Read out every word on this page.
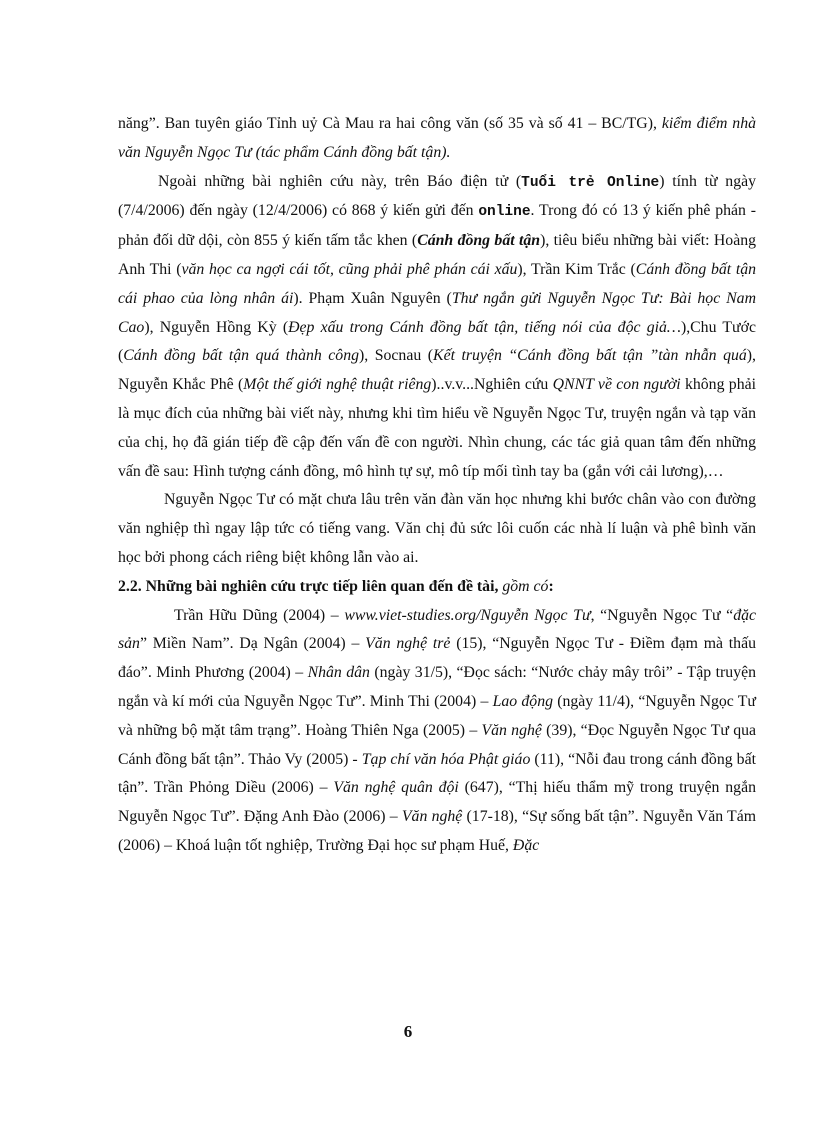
năng”. Ban tuyên giáo Tỉnh uỷ Cà Mau ra hai công văn (số 35 và số 41 – BC/TG), kiểm điểm nhà văn Nguyễn Ngọc Tư (tác phẩm Cánh đồng bất tận).

Ngoài những bài nghiên cứu này, trên Báo điện tử (Tuổi trẻ Online) tính từ ngày (7/4/2006) đến ngày (12/4/2006) có 868 ý kiến gửi đến online. Trong đó có 13 ý kiến phê phán - phản đối dữ dội, còn 855 ý kiến tấm tắc khen (Cánh đồng bất tận), tiêu biểu những bài viết: Hoàng Anh Thi (văn học ca ngợi cái tốt, cũng phải phê phán cái xấu), Trần Kim Trắc (Cánh đồng bất tận cái phao của lòng nhân ái). Phạm Xuân Nguyên (Thư ngắn gửi Nguyễn Ngọc Tư: Bài học Nam Cao), Nguyễn Hồng Kỳ (Đẹp xấu trong Cánh đồng bất tận, tiếng nói của độc giả…),Chu Tước (Cánh đồng bất tận quá thành công), Socnau (Kết truyện “Cánh đồng bất tận ”tàn nhẫn quá), Nguyễn Khắc Phê (Một thế giới nghệ thuật riêng)..v.v...Nghiên cứu QNNT về con người không phải là mục đích của những bài viết này, nhưng khi tìm hiểu về Nguyễn Ngọc Tư, truyện ngắn và tạp văn của chị, họ đã gián tiếp đề cập đến vấn đề con người. Nhìn chung, các tác giả quan tâm đến những vấn đề sau: Hình tượng cánh đồng, mô hình tự sự, mô típ mối tình tay ba (gắn với cải lương),…

Nguyễn Ngọc Tư có mặt chưa lâu trên văn đàn văn học nhưng khi bước chân vào con đường văn nghiệp thì ngay lập tức có tiếng vang. Văn chị đủ sức lôi cuốn các nhà lí luận và phê bình văn học bởi phong cách riêng biệt không lẫn vào ai.

2.2. Những bài nghiên cứu trực tiếp liên quan đến đề tài, gồm có:

Trần Hữu Dũng (2004) – www.viet-studies.org/Nguyễn Ngọc Tư, “Nguyễn Ngọc Tư “đặc sản” Miền Nam”. Dạ Ngân (2004) – Văn nghệ trẻ (15), “Nguyễn Ngọc Tư - Điềm đạm mà thấu đáo”. Minh Phương (2004) – Nhân dân (ngày 31/5), “Đọc sách: “Nước chảy mây trôi” - Tập truyện ngắn và kí mới của Nguyễn Ngọc Tư”. Minh Thi (2004) – Lao động (ngày 11/4), “Nguyễn Ngọc Tư và những bộ mặt tâm trạng”. Hoàng Thiên Nga (2005) – Văn nghệ (39), “Đọc Nguyễn Ngọc Tư qua Cánh đồng bất tận”. Thảo Vy (2005) - Tạp chí văn hóa Phật giáo (11), “Nỗi đau trong cánh đồng bất tận”. Trần Phỏng Diều (2006) – Văn nghệ quân đội (647), “Thị hiếu thẩm mỹ trong truyện ngắn Nguyễn Ngọc Tư”. Đặng Anh Đào (2006) – Văn nghệ (17-18), “Sự sống bất tận”. Nguyễn Văn Tám (2006) – Khoá luận tốt nghiệp, Trường Đại học sư phạm Huế, Đặc

6
